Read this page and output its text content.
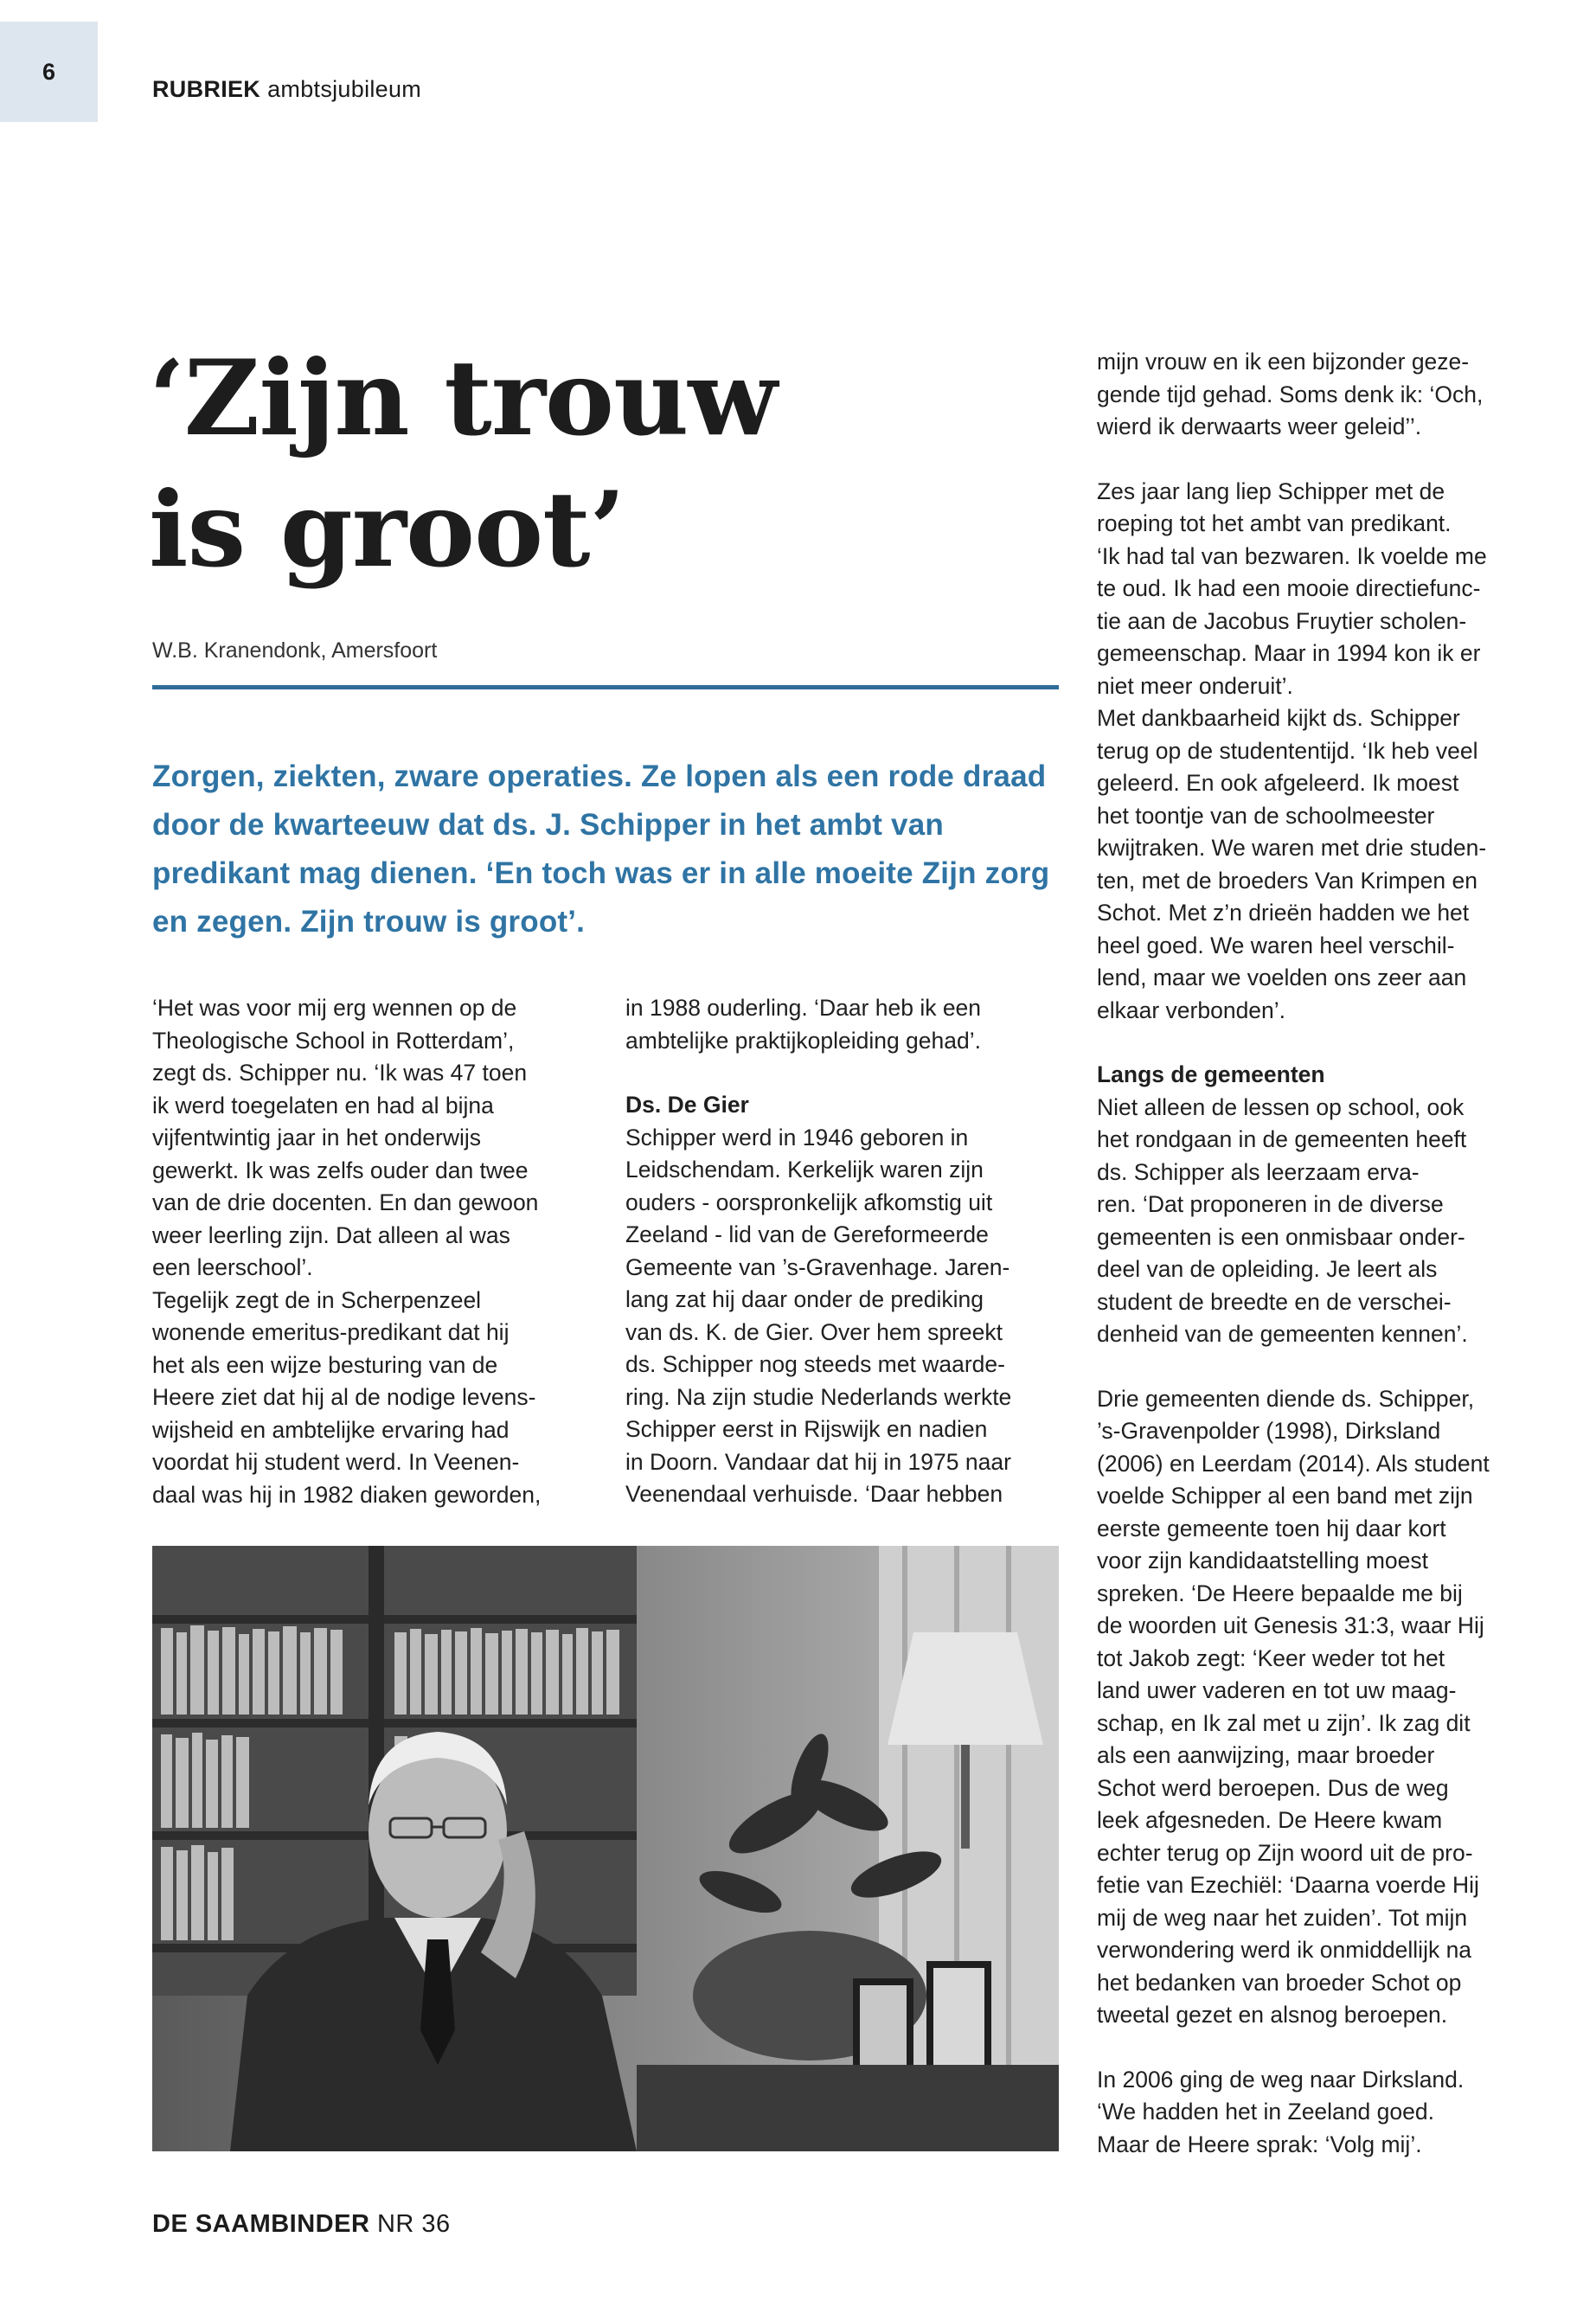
6
RUBRIEK ambtsjubileum
‘Zijn trouw
is groot’
W.B. Kranendonk, Amersfoort

Zorgen, ziekten, zware operaties. Ze lopen als een rode draad door de kwarteeuw dat ds. J. Schipper in het ambt van predikant mag dienen. ‘En toch was er in alle moeite Zijn zorg en zegen. Zijn trouw is groot’.

‘Het was voor mij erg wennen op de
Theologische School in Rotterdam’,
zegt ds. Schipper nu. ‘Ik was 47 toen
ik werd toegelaten en had al bijna
vijfentwintig jaar in het onderwijs
gewerkt. Ik was zelfs ouder dan twee
van de drie docenten. En dan gewoon
weer leerling zijn. Dat alleen al was
een leerschool’.
Tegelijk zegt de in Scherpenzeel
wonende emeritus-predikant dat hij
het als een wijze besturing van de
Heere ziet dat hij al de nodige levens-
wijsheid en ambtelijke ervaring had
voordat hij student werd. In Veenen-
daal was hij in 1982 diaken geworden,

in 1988 ouderling. ‘Daar heb ik een
ambtelijke praktijkopleiding gehad’.

Ds. De Gier

Schipper werd in 1946 geboren in
Leidschendam. Kerkelijk waren zijn
ouders - oorspronkelijk afkomstig uit
Zeeland - lid van de Gereformeerde
Gemeente van ’s-Gravenhage. Jaren-
lang zat hij daar onder de prediking
van ds. K. de Gier. Over hem spreekt
ds. Schipper nog steeds met waarde-
ring. Na zijn studie Nederlands werkte
Schipper eerst in Rijswijk en nadien
in Doorn. Vandaar dat hij in 1975 naar
Veenendaal verhuisde. ‘Daar hebben

mijn vrouw en ik een bijzonder geze-
gende tijd gehad. Soms denk ik: ‘Och,
wierd ik derwaarts weer geleid’’.

Zes jaar lang liep Schipper met de
roeping tot het ambt van predikant.
‘Ik had tal van bezwaren. Ik voelde me
te oud. Ik had een mooie directiefunc-
tie aan de Jacobus Fruytier scholen-
gemeenschap. Maar in 1994 kon ik er
niet meer onderuit’.
Met dankbaarheid kijkt ds. Schipper
terug op de studententijd. ‘Ik heb veel
geleerd. En ook afgeleerd. Ik moest
het toontje van de schoolmeester
kwijtraken. We waren met drie studen-
ten, met de broeders Van Krimpen en
Schot. Met z’n drieën hadden we het
heel goed. We waren heel verschil-
lend, maar we voelden ons zeer aan
elkaar verbonden’.

Langs de gemeenten

Niet alleen de lessen op school, ook
het rondgaan in de gemeenten heeft
ds. Schipper als leerzaam erva-
ren. ‘Dat proponeren in de diverse
gemeenten is een onmisbaar onder-
deel van de opleiding. Je leert als
student de breedte en de verschei-
denheid van de gemeenten kennen’.

Drie gemeenten diende ds. Schipper,
’s-Gravenpolder (1998), Dirksland
(2006) en Leerdam (2014). Als student
voelde Schipper al een band met zijn
eerste gemeente toen hij daar kort
voor zijn kandidaatstelling moest
spreken. ‘De Heere bepaalde me bij
de woorden uit Genesis 31:3, waar Hij
tot Jakob zegt: ‘Keer weder tot het
land uwer vaderen en tot uw maag-
schap, en Ik zal met u zijn’. Ik zag dit
als een aanwijzing, maar broeder
Schot werd beroepen. Dus de weg
leek afgesneden. De Heere kwam
echter terug op Zijn woord uit de pro-
fetie van Ezechiël: ‘Daarna voerde Hij
mij de weg naar het zuiden’. Tot mijn
verwondering werd ik onmiddellijk na
het bedanken van broeder Schot op
tweetal gezet en alsnog beroepen.

In 2006 ging de weg naar Dirksland.
‘We hadden het in Zeeland goed.
Maar de Heere sprak: ‘Volg mij’.

DE SAAMBINDER NR 36
